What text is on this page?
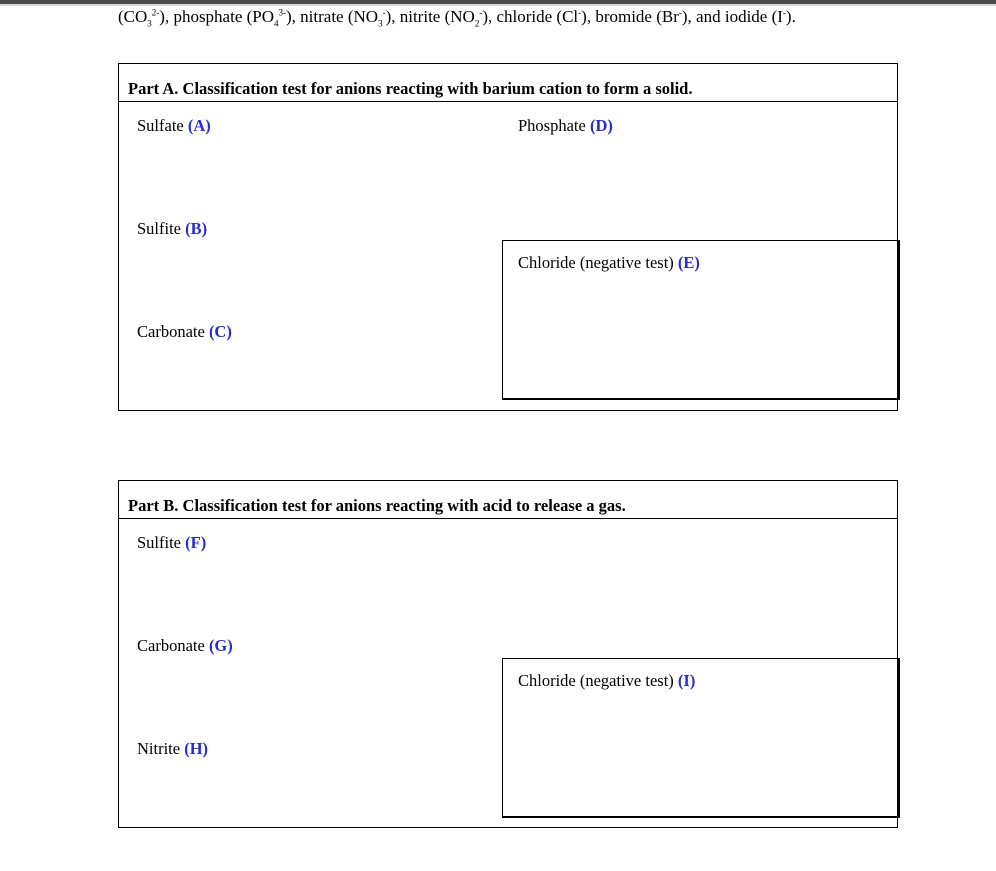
$(CO_3^{2-})$, phosphate $(PO_4^{3-})$, nitrate $(NO_3^-)$, nitrite $(NO_2^-)$, chloride (Cl-), bromide (Br-), and iodide (I-).
Part A. Classification test for anions reacting with barium cation to form a solid.
Sulfate (A)	Phosphate (D)
Sulfite (B)
Carbonate (C)
Chloride (negative test) (E)
Part B. Classification test for anions reacting with acid to release a gas.
Sulfite (F)
Carbonate (G)
Nitrite (H)
Chloride (negative test) (I)
